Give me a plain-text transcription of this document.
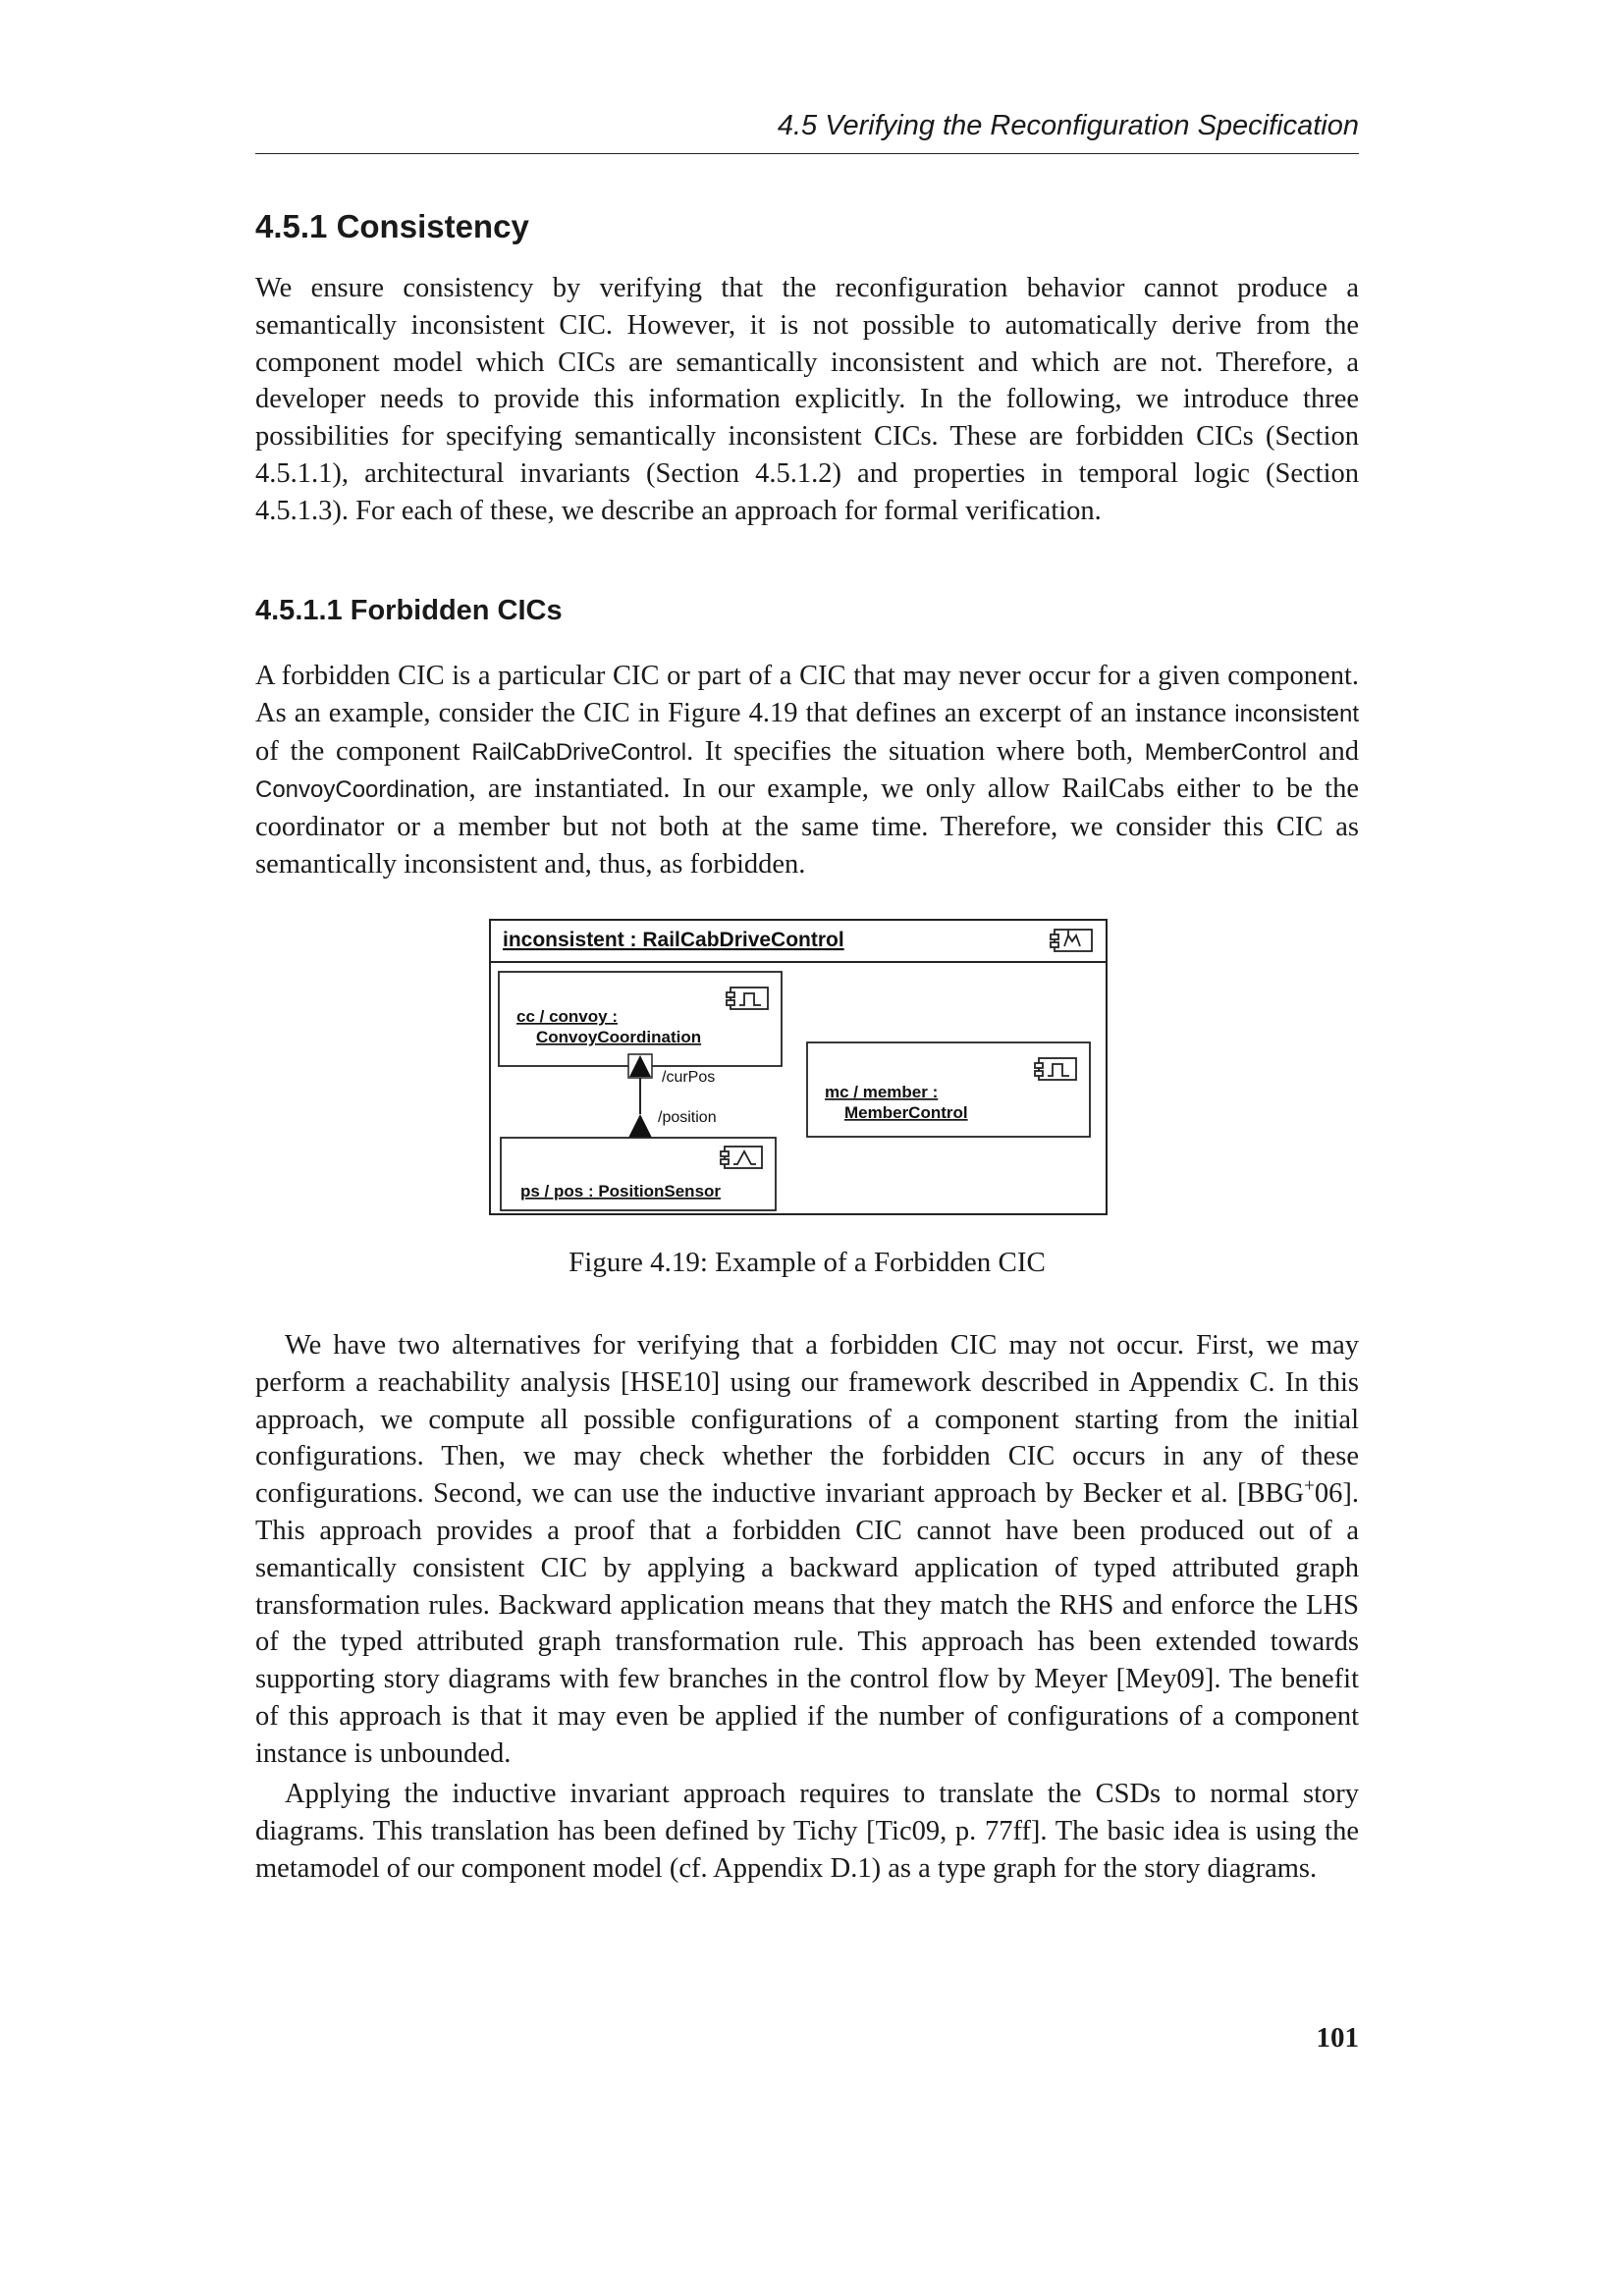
4.5 Verifying the Reconfiguration Specification
4.5.1 Consistency

We ensure consistency by verifying that the reconfiguration behavior cannot produce a semantically inconsistent CIC. However, it is not possible to automatically derive from the component model which CICs are semantically inconsistent and which are not. Therefore, a developer needs to provide this information explicitly. In the following, we introduce three possibilities for specifying semantically inconsistent CICs. These are forbidden CICs (Section 4.5.1.1), architectural invariants (Section 4.5.1.2) and properties in temporal logic (Section 4.5.1.3). For each of these, we describe an approach for formal verification.

4.5.1.1 Forbidden CICs

A forbidden CIC is a particular CIC or part of a CIC that may never occur for a given component. As an example, consider the CIC in Figure 4.19 that defines an excerpt of an instance inconsistent of the component RailCabDriveControl. It specifies the situation where both, MemberControl and ConvoyCoordination, are instantiated. In our example, we only allow RailCabs either to be the coordinator or a member but not both at the same time. Therefore, we consider this CIC as semantically inconsistent and, thus, as forbidden.

inconsistent : RailCabDriveControl
cc / convoy :
ConvoyCoordination
/curPos
/position
ps / pos : PositionSensor
mc / member :
MemberControl

Figure 4.19: Example of a Forbidden CIC

We have two alternatives for verifying that a forbidden CIC may not occur. First, we may perform a reachability analysis [HSE10] using our framework described in Appendix C. In this approach, we compute all possible configurations of a component starting from the initial configurations. Then, we may check whether the forbidden CIC occurs in any of these configurations. Second, we can use the inductive invariant approach by Becker et al. [BBG+06]. This approach provides a proof that a forbidden CIC cannot have been produced out of a semantically consistent CIC by applying a backward application of typed attributed graph transformation rules. Backward application means that they match the RHS and enforce the LHS of the typed attributed graph transformation rule. This approach has been extended towards supporting story diagrams with few branches in the control flow by Meyer [Mey09]. The benefit of this approach is that it may even be applied if the number of configurations of a component instance is unbounded.

Applying the inductive invariant approach requires to translate the CSDs to normal story diagrams. This translation has been defined by Tichy [Tic09, p. 77ff]. The basic idea is using the metamodel of our component model (cf. Appendix D.1) as a type graph for the story diagrams.

101
